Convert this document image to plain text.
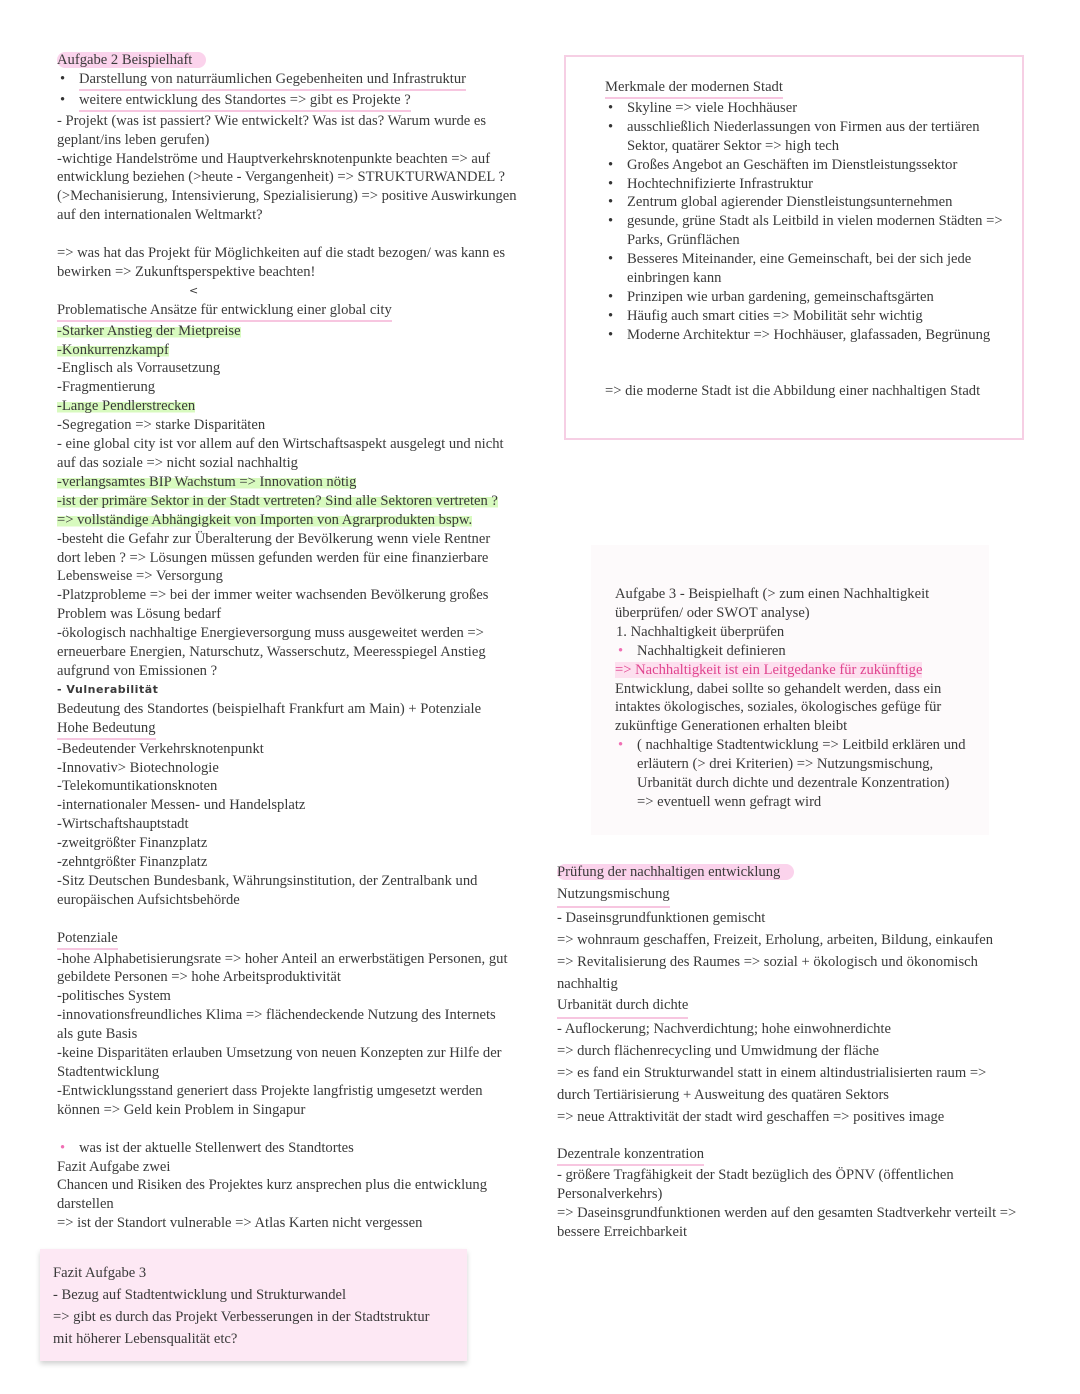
Aufgabe 2 Beispielhaft
• Darstellung von naturräumlichen Gegebenheiten und Infrastruktur
• weitere entwicklung des Standortes => gibt es Projekte ?
- Projekt (was ist passiert? Wie entwickelt? Was ist das? Warum wurde es
geplant/ins leben gerufen)
-wichtige Handelströme und Hauptverkehrsknotenpunkte beachten => auf
entwicklung beziehen (>heute - Vergangenheit) => STRUKTURWANDEL ?
(>Mechanisierung, Intensivierung, Spezialisierung) => positive Auswirkungen
auf den internationalen Weltmarkt?
=> was hat das Projekt für Möglichkeiten auf die stadt bezogen/ was kann es
bewirken => Zukunftsperspektive beachten!
<
Problematische Ansätze für entwicklung einer global city
-Starker Anstieg der Mietpreise
-Konkurrenzkampf
-Englisch als Vorrausetzung
-Fragmentierung
-Lange Pendlerstrecken
-Segregation => starke Disparitäten
- eine global city ist vor allem auf den Wirtschaftsaspekt ausgelegt und nicht
auf das soziale => nicht sozial nachhaltig
-verlangsamtes BIP Wachstum => Innovation nötig
-ist der primäre Sektor in der Stadt vertreten? Sind alle Sektoren vertreten ?
=> vollständige Abhängigkeit von Importen von Agrarprodukten bspw.
-besteht die Gefahr zur Überalterung der Bevölkerung wenn viele Rentner
dort leben ? => Lösungen müssen gefunden werden für eine finanzierbare
Lebensweise => Versorgung
-Platzprobleme => bei der immer weiter wachsenden Bevölkerung großes
Problem was Lösung bedarf
-ökologisch nachhaltige Energieversorgung muss ausgeweitet werden =>
erneuerbare Energien, Naturschutz, Wasserschutz, Meeresspiegel Anstieg
aufgrund von Emissionen ?
- Vulnerabilität
Bedeutung des Standortes (beispielhaft Frankfurt am Main) + Potenziale
Hohe Bedeutung
-Bedeutender Verkehrsknotenpunkt
-Innovativ> Biotechnologie
-Telekomuntikationsknoten
-internationaler Messen- und Handelsplatz
-Wirtschaftshauptstadt
-zweitgrößter Finanzplatz
-zehntgrößter Finanzplatz
-Sitz Deutschen Bundesbank, Währungsinstitution, der Zentralbank und
europäischen Aufsichtsbehörde
Potenziale
-hohe Alphabetisierungsrate => hoher Anteil an erwerbstätigen Personen, gut
gebildete Personen => hohe Arbeitsproduktivität
-politisches System
-innovationsfreundliches Klima => flächendeckende Nutzung des Internets
als gute Basis
-keine Disparitäten erlauben Umsetzung von neuen Konzepten zur Hilfe der
Stadtentwicklung
-Entwicklungsstand generiert dass Projekte langfristig umgesetzt werden
können => Geld kein Problem in Singapur
• was ist der aktuelle Stellenwert des Standtortes
Fazit Aufgabe zwei
Chancen und Risiken des Projektes kurz ansprechen plus die entwicklung
darstellen
=> ist der Standort vulnerable => Atlas Karten nicht vergessen
Fazit Aufgabe 3
- Bezug auf Stadtentwicklung und Strukturwandel
=> gibt es durch das Projekt Verbesserungen in der Stadtstruktur
mit höherer Lebensqualität etc?
Merkmale der modernen Stadt
• Skyline => viele Hochhäuser
• ausschließlich Niederlassungen von Firmen aus der tertiären
Sektor, quatärer Sektor => high tech
• Großes Angebot an Geschäften im Dienstleistungssektor
• Hochtechnifizierte Infrastruktur
• Zentrum global agierender Dienstleistungsunternehmen
• gesunde, grüne Stadt als Leitbild in vielen modernen Städten =>
Parks, Grünflächen
• Besseres Miteinander, eine Gemeinschaft, bei der sich jede
einbringen kann
• Prinzipen wie urban gardening, gemeinschaftsgärten
• Häufig auch smart cities => Mobilität sehr wichtig
• Moderne Architektur => Hochhäuser, glafassaden, Begrünung
=> die moderne Stadt ist die Abbildung einer nachhaltigen Stadt
Aufgabe 3 - Beispielhaft (> zum einen Nachhaltigkeit
überprüfen/ oder SWOT analyse)
1. Nachhaltigkeit überprüfen
• Nachhaltigkeit definieren
=> Nachhaltigkeit ist ein Leitgedanke für zukünftige
Entwicklung, dabei sollte so gehandelt werden, dass ein
intaktes ökologisches, soziales, ökologisches gefüge für
zukünftige Generationen erhalten bleibt
• ( nachhaltige Stadtentwicklung => Leitbild erklären und
erläutern (> drei Kriterien) => Nutzungsmischung,
Urbanität durch dichte und dezentrale Konzentration)
=> eventuell wenn gefragt wird
Prüfung der nachhaltigen entwicklung
Nutzungsmischung
- Daseinsgrundfunktionen gemischt
=> wohnraum geschaffen, Freizeit, Erholung, arbeiten, Bildung, einkaufen
=> Revitalisierung des Raumes => sozial + ökologisch und ökonomisch
nachhaltig
Urbanität durch dichte
- Auflockerung; Nachverdichtung; hohe einwohnerdichte
=> durch flächenrecycling und Umwidmung der fläche
=> es fand ein Strukturwandel statt in einem altindustrialisierten raum =>
durch Tertiärisierung + Ausweitung des quatären Sektors
=> neue Attraktivität der stadt wird geschaffen => positives image
Dezentrale konzentration
- größere Tragfähigkeit der Stadt bezüglich des ÖPNV (öffentlichen
Personalverkehrs)
=> Daseinsgrundfunktionen werden auf den gesamten Stadtverkehr verteilt =>
bessere Erreichbarkeit
